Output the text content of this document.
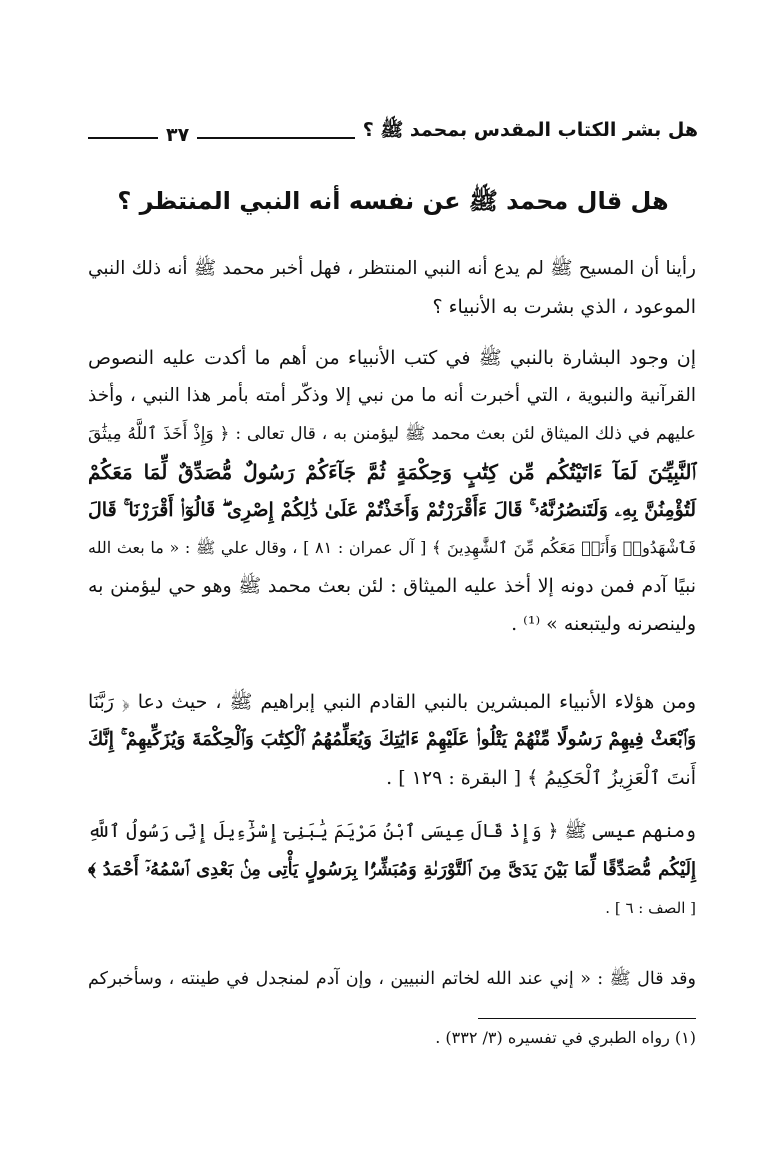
هل بشر الكتاب المقدس بمحمد ﷺ ؟
٣٧
هل قال محمد ﷺ عن نفسه أنه النبي المنتظر ؟
رأينا أن المسيح ﷺ لم يدع أنه النبي المنتظر ، فهل أخبر محمد ﷺ أنه ذلك النبي
الموعود ، الذي بشرت به الأنبياء ؟
إن وجود البشارة بالنبي ﷺ في كتب الأنبياء من أهم ما أكدت عليه النصوص
القرآنية والنبوية ، التي أخبرت أنه ما من نبي إلا وذكّر أمته بأمر هذا النبي ، وأخذ
عليهم في ذلك الميثاق لئن بعث محمد ﷺ ليؤمنن به ، قال تعالى : ﴿ وَإِذْ أَخَذَ ٱللَّهُ مِيثَٰقَ
ٱلنَّبِيِّـۧنَ لَمَآ ءَاتَيْتُكُم مِّن كِتَٰبٍ وَحِكْمَةٍ ثُمَّ جَآءَكُمْ رَسُولٌ مُّصَدِّقٌ لِّمَا مَعَكُمْ
لَتُؤْمِنُنَّ بِهِۦ وَلَتَنصُرُنَّهُۥ ۚ قَالَ ءَأَقْرَرْتُمْ وَأَخَذْتُمْ عَلَىٰ ذَٰلِكُمْ إِصْرِى ۖ قَالُوٓا۟ أَقْرَرْنَا ۚ قَالَ
فَٱشْهَدُوا۟ وَأَنَا۠ مَعَكُم مِّنَ ٱلشَّٰهِدِينَ ﴾ [ آل عمران : ٨١ ] ، وقال علي ﷺ : « ما بعث الله
نبيًا آدم فمن دونه إلا أخذ عليه الميثاق : لئن بعث محمد ﷺ وهو حي ليؤمنن به
ولينصرنه وليتبعنه » ⁽¹⁾ .
ومن هؤلاء الأنبياء المبشرين بالنبي القادم النبي إبراهيم ﷺ ، حيث دعا ﴿ رَبَّنَا
وَٱبْعَثْ فِيهِمْ رَسُولًا مِّنْهُمْ يَتْلُوا۟ عَلَيْهِمْ ءَايَٰتِكَ وَيُعَلِّمُهُمُ ٱلْكِتَٰبَ وَٱلْحِكْمَةَ وَيُزَكِّيهِمْ ۚ إِنَّكَ
أَنتَ ٱلْعَزِيزُ ٱلْحَكِيمُ ﴾ [ البقرة : ١٢٩ ] .
ومنهم عيسى ﷺ ﴿ وَإِذْ قَالَ عِيسَى ٱبْنُ مَرْيَمَ يَٰبَنِىٓ إِسْرَٰٓءِيلَ إِنِّى رَسُولُ ٱللَّهِ
إِلَيْكُم مُّصَدِّقًا لِّمَا بَيْنَ يَدَىَّ مِنَ ٱلتَّوْرَىٰةِ وَمُبَشِّرًۢا بِرَسُولٍ يَأْتِى مِنۢ بَعْدِى ٱسْمُهُۥٓ أَحْمَدُ ﴾
[ الصف : ٦ ] .
وقد قال ﷺ : « إني عند الله لخاتم النبيين ، وإن آدم لمنجدل في طينته ، وسأخبركم
(١) رواه الطبري في تفسيره (٣/ ٣٣٢) .
